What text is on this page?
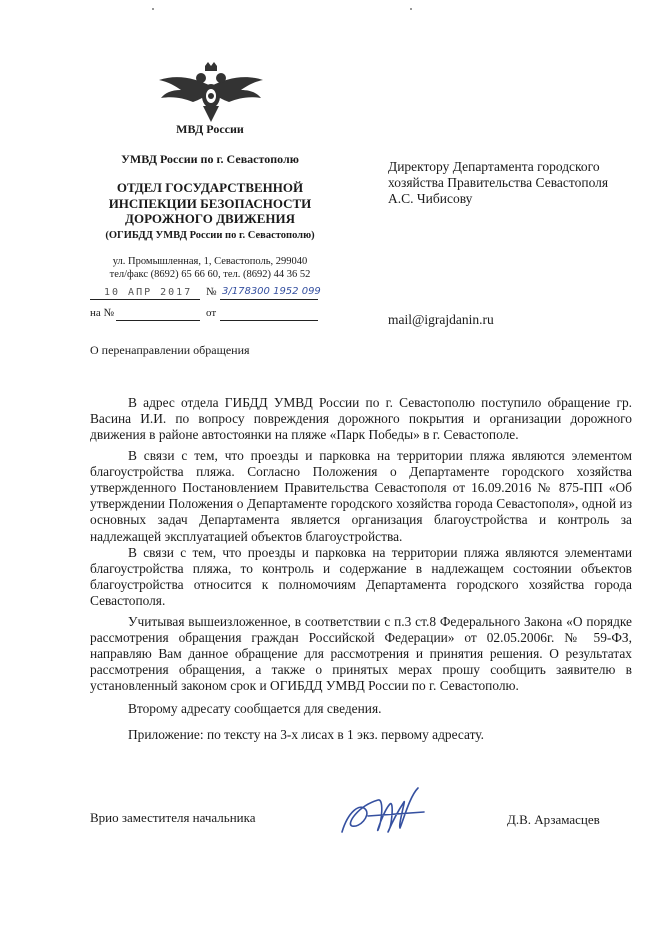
МВД России
УМВД России по г. Севастополю
ОТДЕЛ ГОСУДАРСТВЕННОЙ
ИНСПЕКЦИИ БЕЗОПАСНОСТИ
ДОРОЖНОГО ДВИЖЕНИЯ
(ОГИБДД УМВД России по г. Севастополю)
ул. Промышленная, 1, Севастополь, 299040
тел/факс (8692) 65 66 60, тел. (8692) 44 36 52
10 АПР 2017 № 3/178300 1952 099
на №	от
Директору Департамента городского
хозяйства Правительства Севастополя
А.С. Чибисову
mail@igrajdanin.ru
О перенаправлении обращения

В адрес отдела ГИБДД УМВД России по г. Севастополю поступило обращение гр. Васина И.И. по вопросу повреждения дорожного покрытия и организации дорожного движения в районе автостоянки на пляже «Парк Победы» в г. Севастополе.

В связи с тем, что проезды и парковка на территории пляжа являются элементом благоустройства пляжа. Согласно Положения о Департаменте городского хозяйства утвержденного Постановлением Правительства Севастополя от 16.09.2016 № 875-ПП «Об утверждении Положения о Департаменте городского хозяйства города Севастополя», одной из основных задач Департамента является организация благоустройства и контроль за надлежащей эксплуатацией объектов благоустройства.

В связи с тем, что проезды и парковка на территории пляжа являются элементами благоустройства пляжа, то контроль и содержание в надлежащем состоянии объектов благоустройства относится к полномочиям Департамента городского хозяйства города Севастополя.

Учитывая вышеизложенное, в соответствии с п.3 ст.8 Федерального Закона «О порядке рассмотрения обращения граждан Российской Федерации» от 02.05.2006г. № 59-ФЗ, направляю Вам данное обращение для рассмотрения и принятия решения. О результатах рассмотрения обращения, а также о принятых мерах прошу сообщить заявителю в установленный законом срок и ОГИБДД УМВД России по г. Севастополю.

Второму адресату сообщается для сведения.

Приложение: по тексту на 3-х лисах в 1 экз. первому адресату.

Врио заместителя начальника	Д.В. Арзамасцев
